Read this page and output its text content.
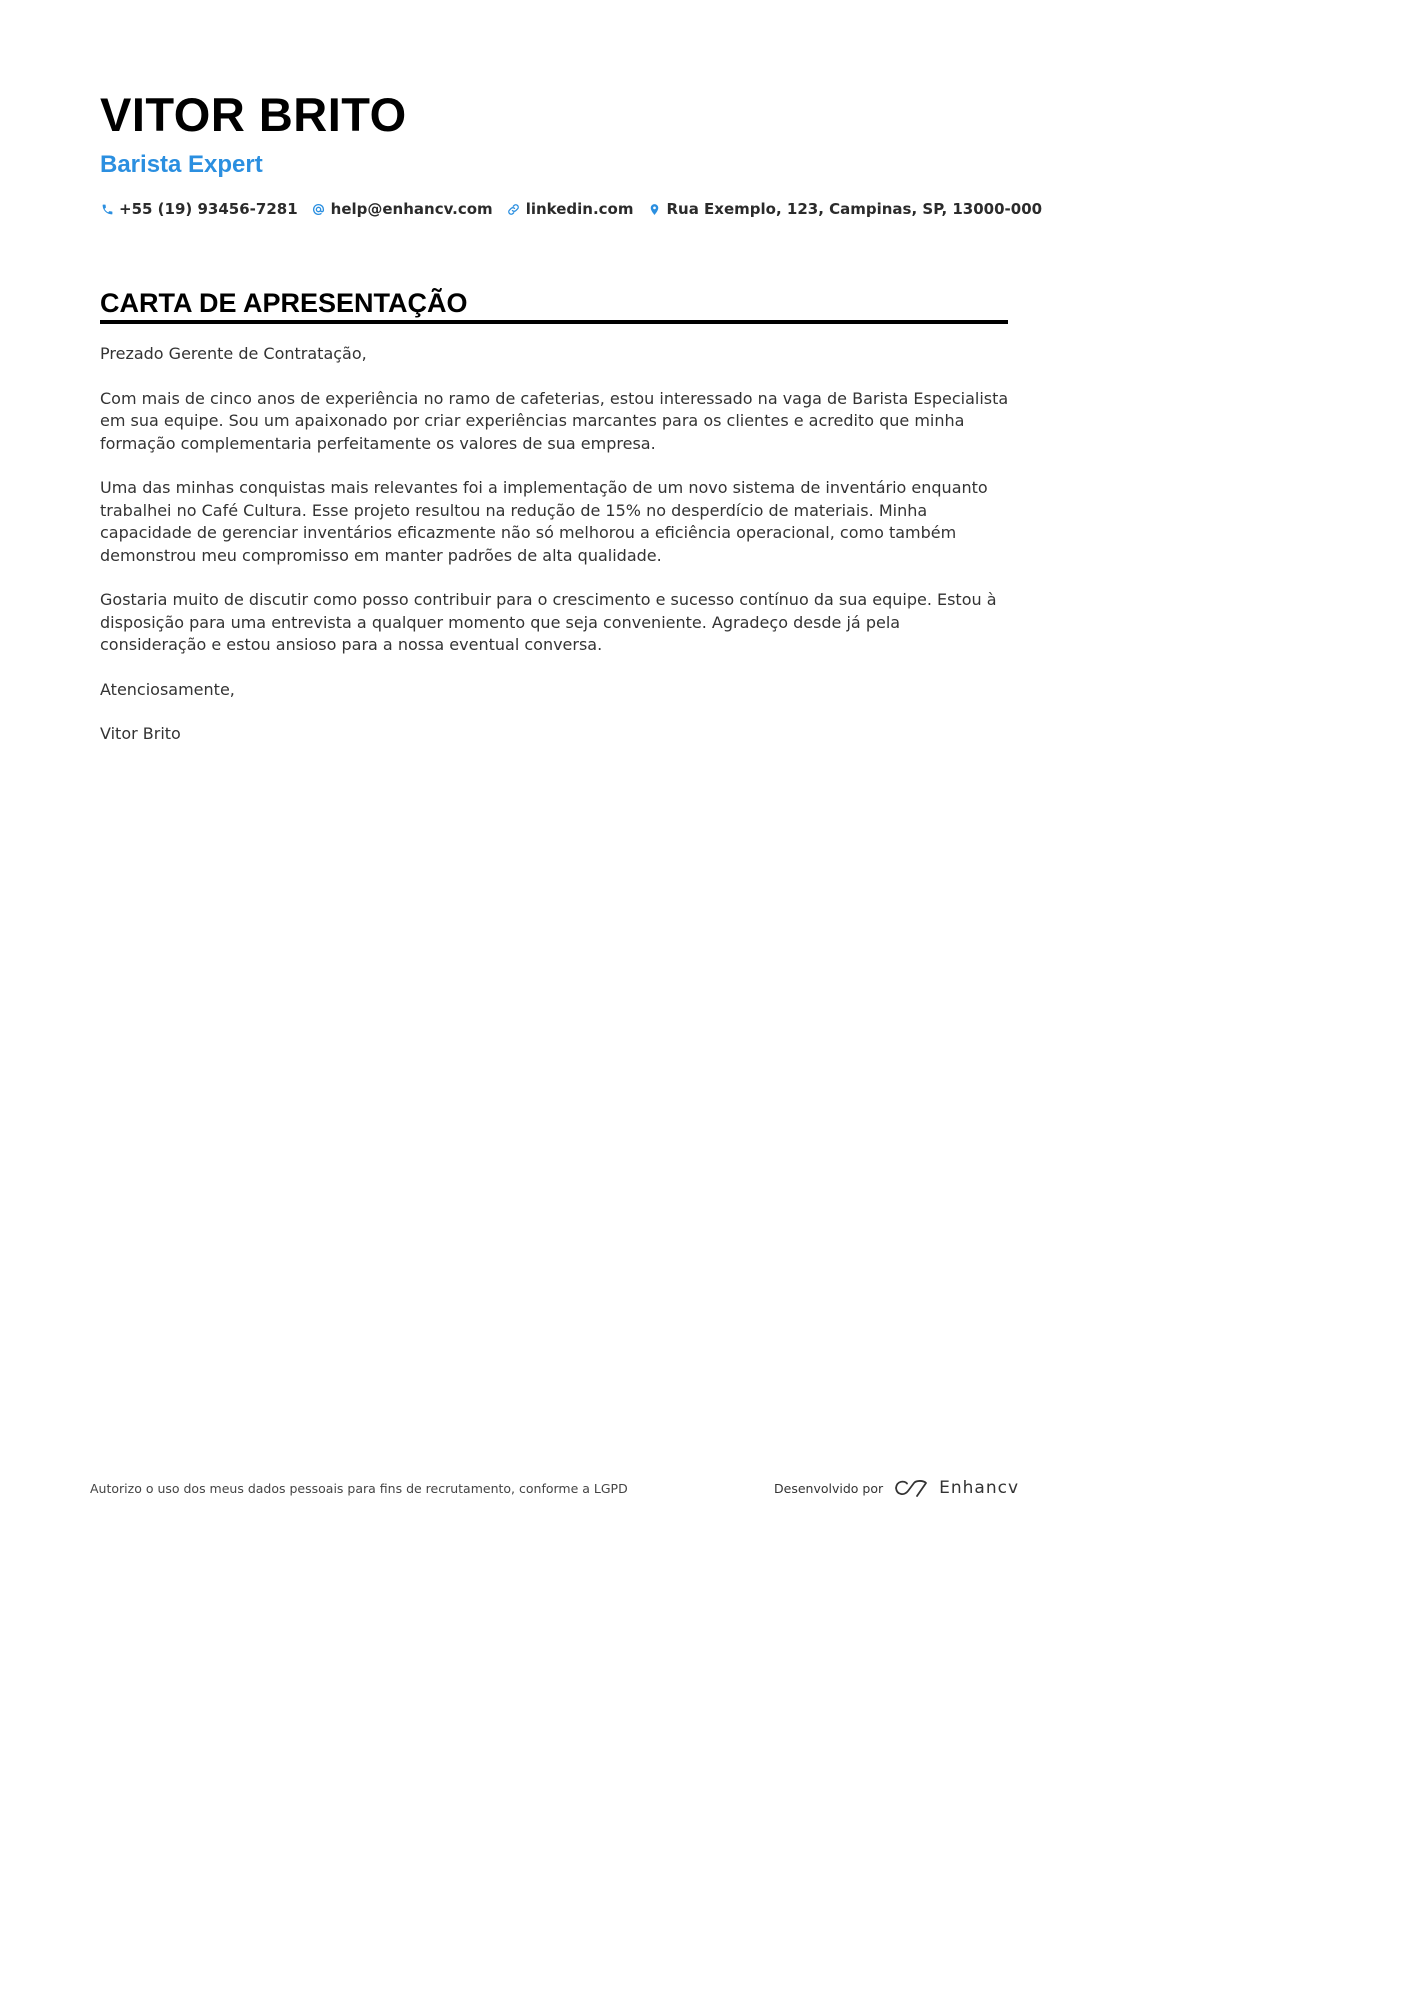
VITOR BRITO
Barista Expert
+55 (19) 93456-7281 help@enhancv.com linkedin.com Rua Exemplo, 123, Campinas, SP, 13000-000
CARTA DE APRESENTAÇÃO

Prezado Gerente de Contratação,

Com mais de cinco anos de experiência no ramo de cafeterias, estou interessado na vaga de Barista Especialista em sua equipe. Sou um apaixonado por criar experiências marcantes para os clientes e acredito que minha formação complementaria perfeitamente os valores de sua empresa.

Uma das minhas conquistas mais relevantes foi a implementação de um novo sistema de inventário enquanto trabalhei no Café Cultura. Esse projeto resultou na redução de 15% no desperdício de materiais. Minha capacidade de gerenciar inventários eficazmente não só melhorou a eficiência operacional, como também demonstrou meu compromisso em manter padrões de alta qualidade.

Gostaria muito de discutir como posso contribuir para o crescimento e sucesso contínuo da sua equipe. Estou à disposição para uma entrevista a qualquer momento que seja conveniente. Agradeço desde já pela consideração e estou ansioso para a nossa eventual conversa.

Atenciosamente,

Vitor Brito

Autorizo o uso dos meus dados pessoais para fins de recrutamento, conforme a LGPD	Desenvolvido por	Enhancv
